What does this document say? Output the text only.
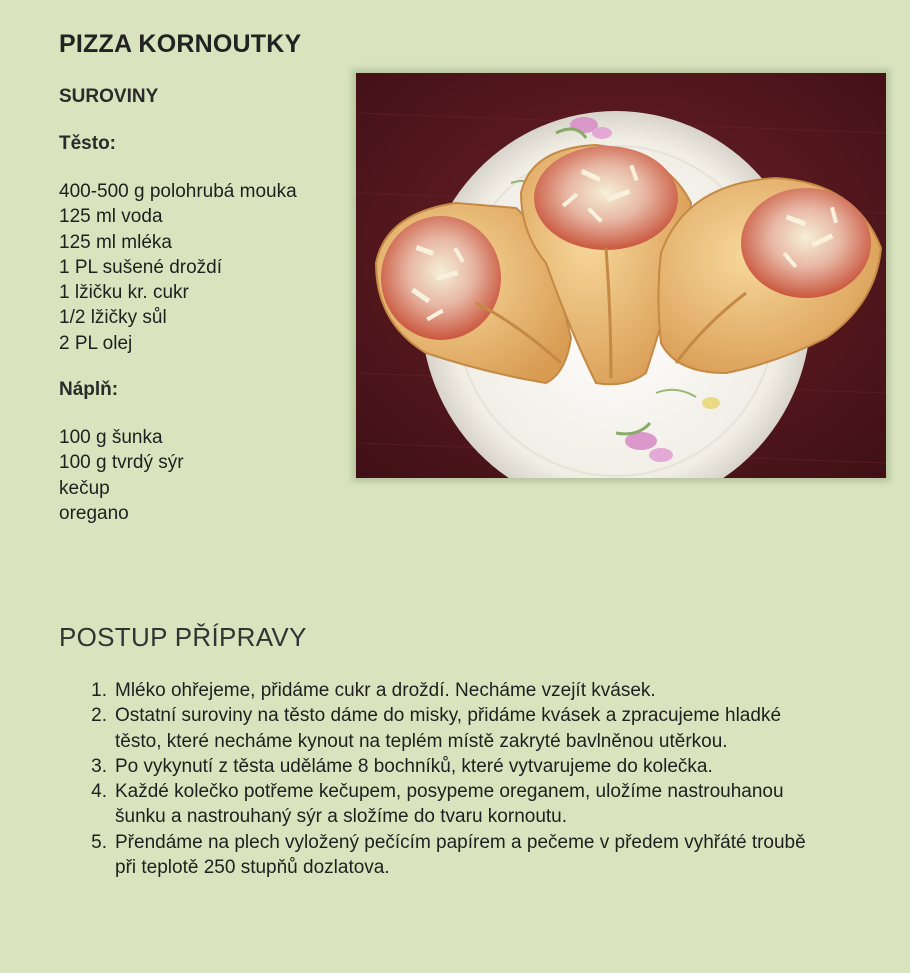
PIZZA KORNOUTKY
SUROVINY
Těsto:
400-500 g polohrubá mouka
125 ml voda
125 ml mléka
1 PL sušené droždí
1 lžičku kr. cukr
1/2 lžičky sůl
2 PL olej
Náplň:
100 g šunka
100 g tvrdý sýr
kečup
oregano
POSTUP PŘÍPRAVY
Mléko ohřejeme, přidáme cukr a droždí. Necháme vzejít kvásek.
Ostatní suroviny na těsto dáme do misky, přidáme kvásek a zpracujeme hladké těsto, které necháme kynout na teplém místě zakryté bavlněnou utěrkou.
Po vykynutí z těsta uděláme 8 bochníků, které vytvarujeme do kolečka.
Každé kolečko potřeme kečupem, posypeme oreganem, uložíme nastrouhanou šunku a nastrouhaný sýr a složíme do tvaru kornoutu.
Přendáme na plech vyložený pečícím papírem a pečeme v předem vyhřáté troubě při teplotě 250 stupňů dozlatova.
